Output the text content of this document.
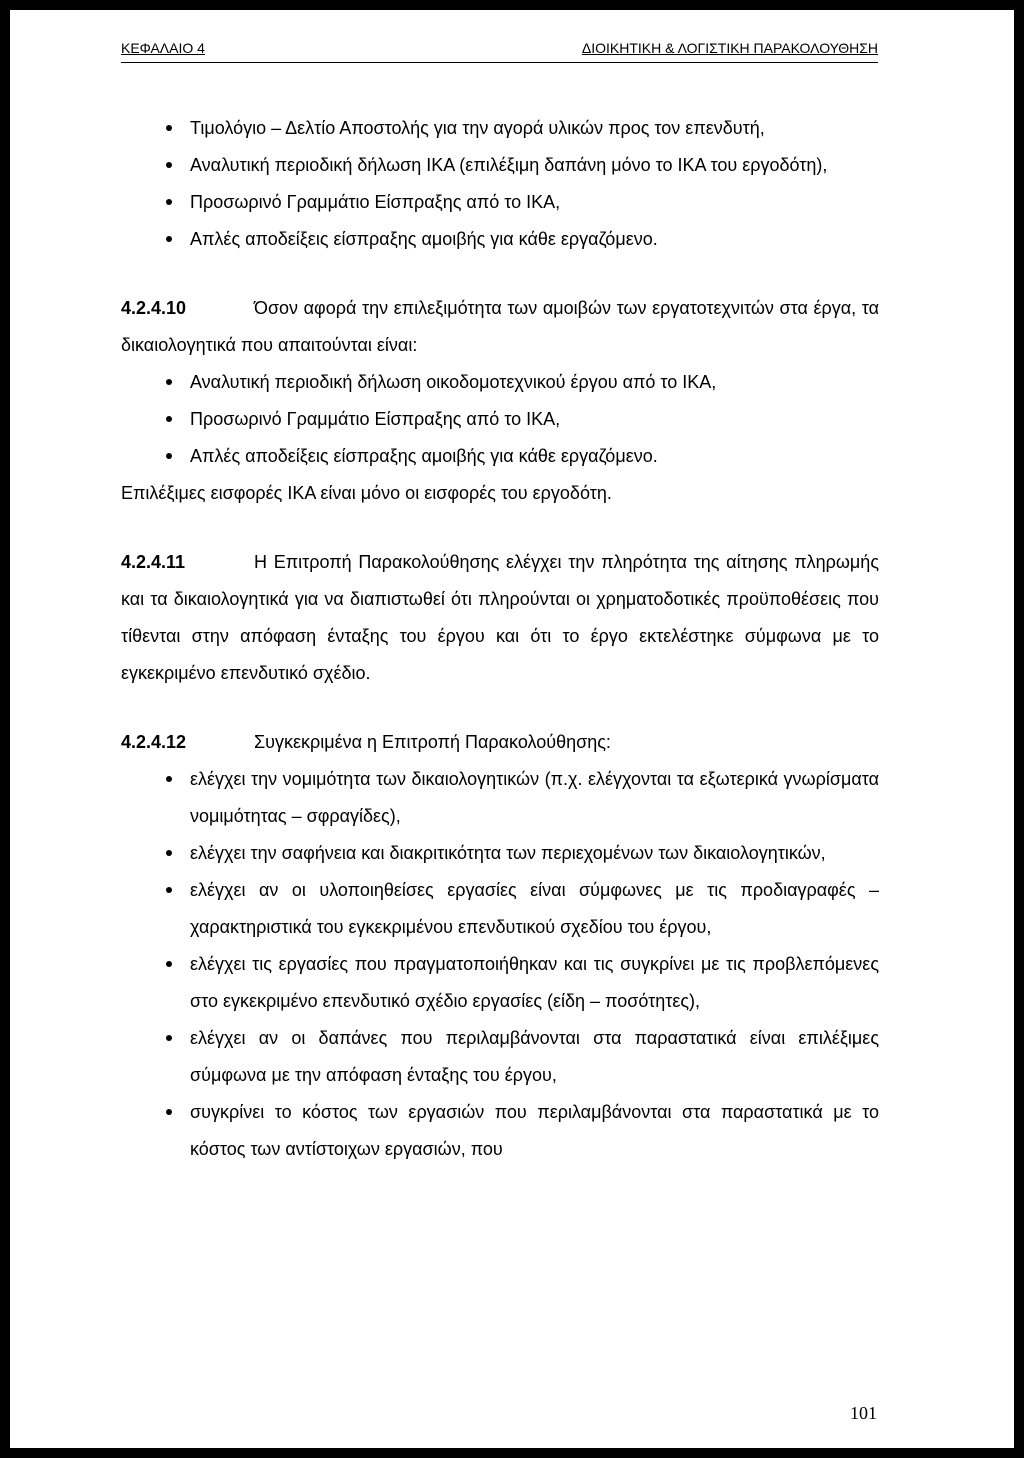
ΚΕΦΑΛΑΙΟ 4	ΔΙΟΙΚΗΤΙΚΗ & ΛΟΓΙΣΤΙΚΗ ΠΑΡΑΚΟΛΟΥΘΗΣΗ
Τιμολόγιο – Δελτίο Αποστολής για την αγορά υλικών προς τον επενδυτή,
Αναλυτική περιοδική δήλωση ΙΚΑ (επιλέξιμη δαπάνη μόνο το ΙΚΑ του εργοδότη),
Προσωρινό Γραμμάτιο Είσπραξης από το ΙΚΑ,
Απλές αποδείξεις είσπραξης αμοιβής για κάθε εργαζόμενο.

4.2.4.10	Όσον αφορά την επιλεξιμότητα των αμοιβών των εργατοτεχνιτών στα έργα, τα δικαιολογητικά που απαιτούνται είναι:

Αναλυτική περιοδική δήλωση οικοδομοτεχνικού έργου από το ΙΚΑ,
Προσωρινό Γραμμάτιο Είσπραξης από το ΙΚΑ,
Απλές αποδείξεις είσπραξης αμοιβής για κάθε εργαζόμενο.

Επιλέξιμες εισφορές ΙΚΑ είναι μόνο οι εισφορές του εργοδότη.

4.2.4.11	Η Επιτροπή Παρακολούθησης ελέγχει την πληρότητα της αίτησης πληρωμής και τα δικαιολογητικά για να διαπιστωθεί ότι πληρούνται οι χρηματοδοτικές προϋποθέσεις που τίθενται στην απόφαση ένταξης του έργου και ότι το έργο εκτελέστηκε σύμφωνα με το εγκεκριμένο επενδυτικό σχέδιο.

4.2.4.12	Συγκεκριμένα η Επιτροπή Παρακολούθησης:

ελέγχει την νομιμότητα των δικαιολογητικών (π.χ. ελέγχονται τα εξωτερικά γνωρίσματα νομιμότητας – σφραγίδες),
ελέγχει την σαφήνεια και διακριτικότητα των περιεχομένων των δικαιολογητικών,
ελέγχει αν οι υλοποιηθείσες εργασίες είναι σύμφωνες με τις προδιαγραφές – χαρακτηριστικά του εγκεκριμένου επενδυτικού σχεδίου του έργου,
ελέγχει τις εργασίες που πραγματοποιήθηκαν και τις συγκρίνει με τις προβλεπόμενες στο εγκεκριμένο επενδυτικό σχέδιο εργασίες (είδη – ποσότητες),
ελέγχει αν οι δαπάνες που περιλαμβάνονται στα παραστατικά είναι επιλέξιμες σύμφωνα με την απόφαση ένταξης του έργου,
συγκρίνει το κόστος των εργασιών που περιλαμβάνονται στα παραστατικά με το κόστος των αντίστοιχων εργασιών, που
101
